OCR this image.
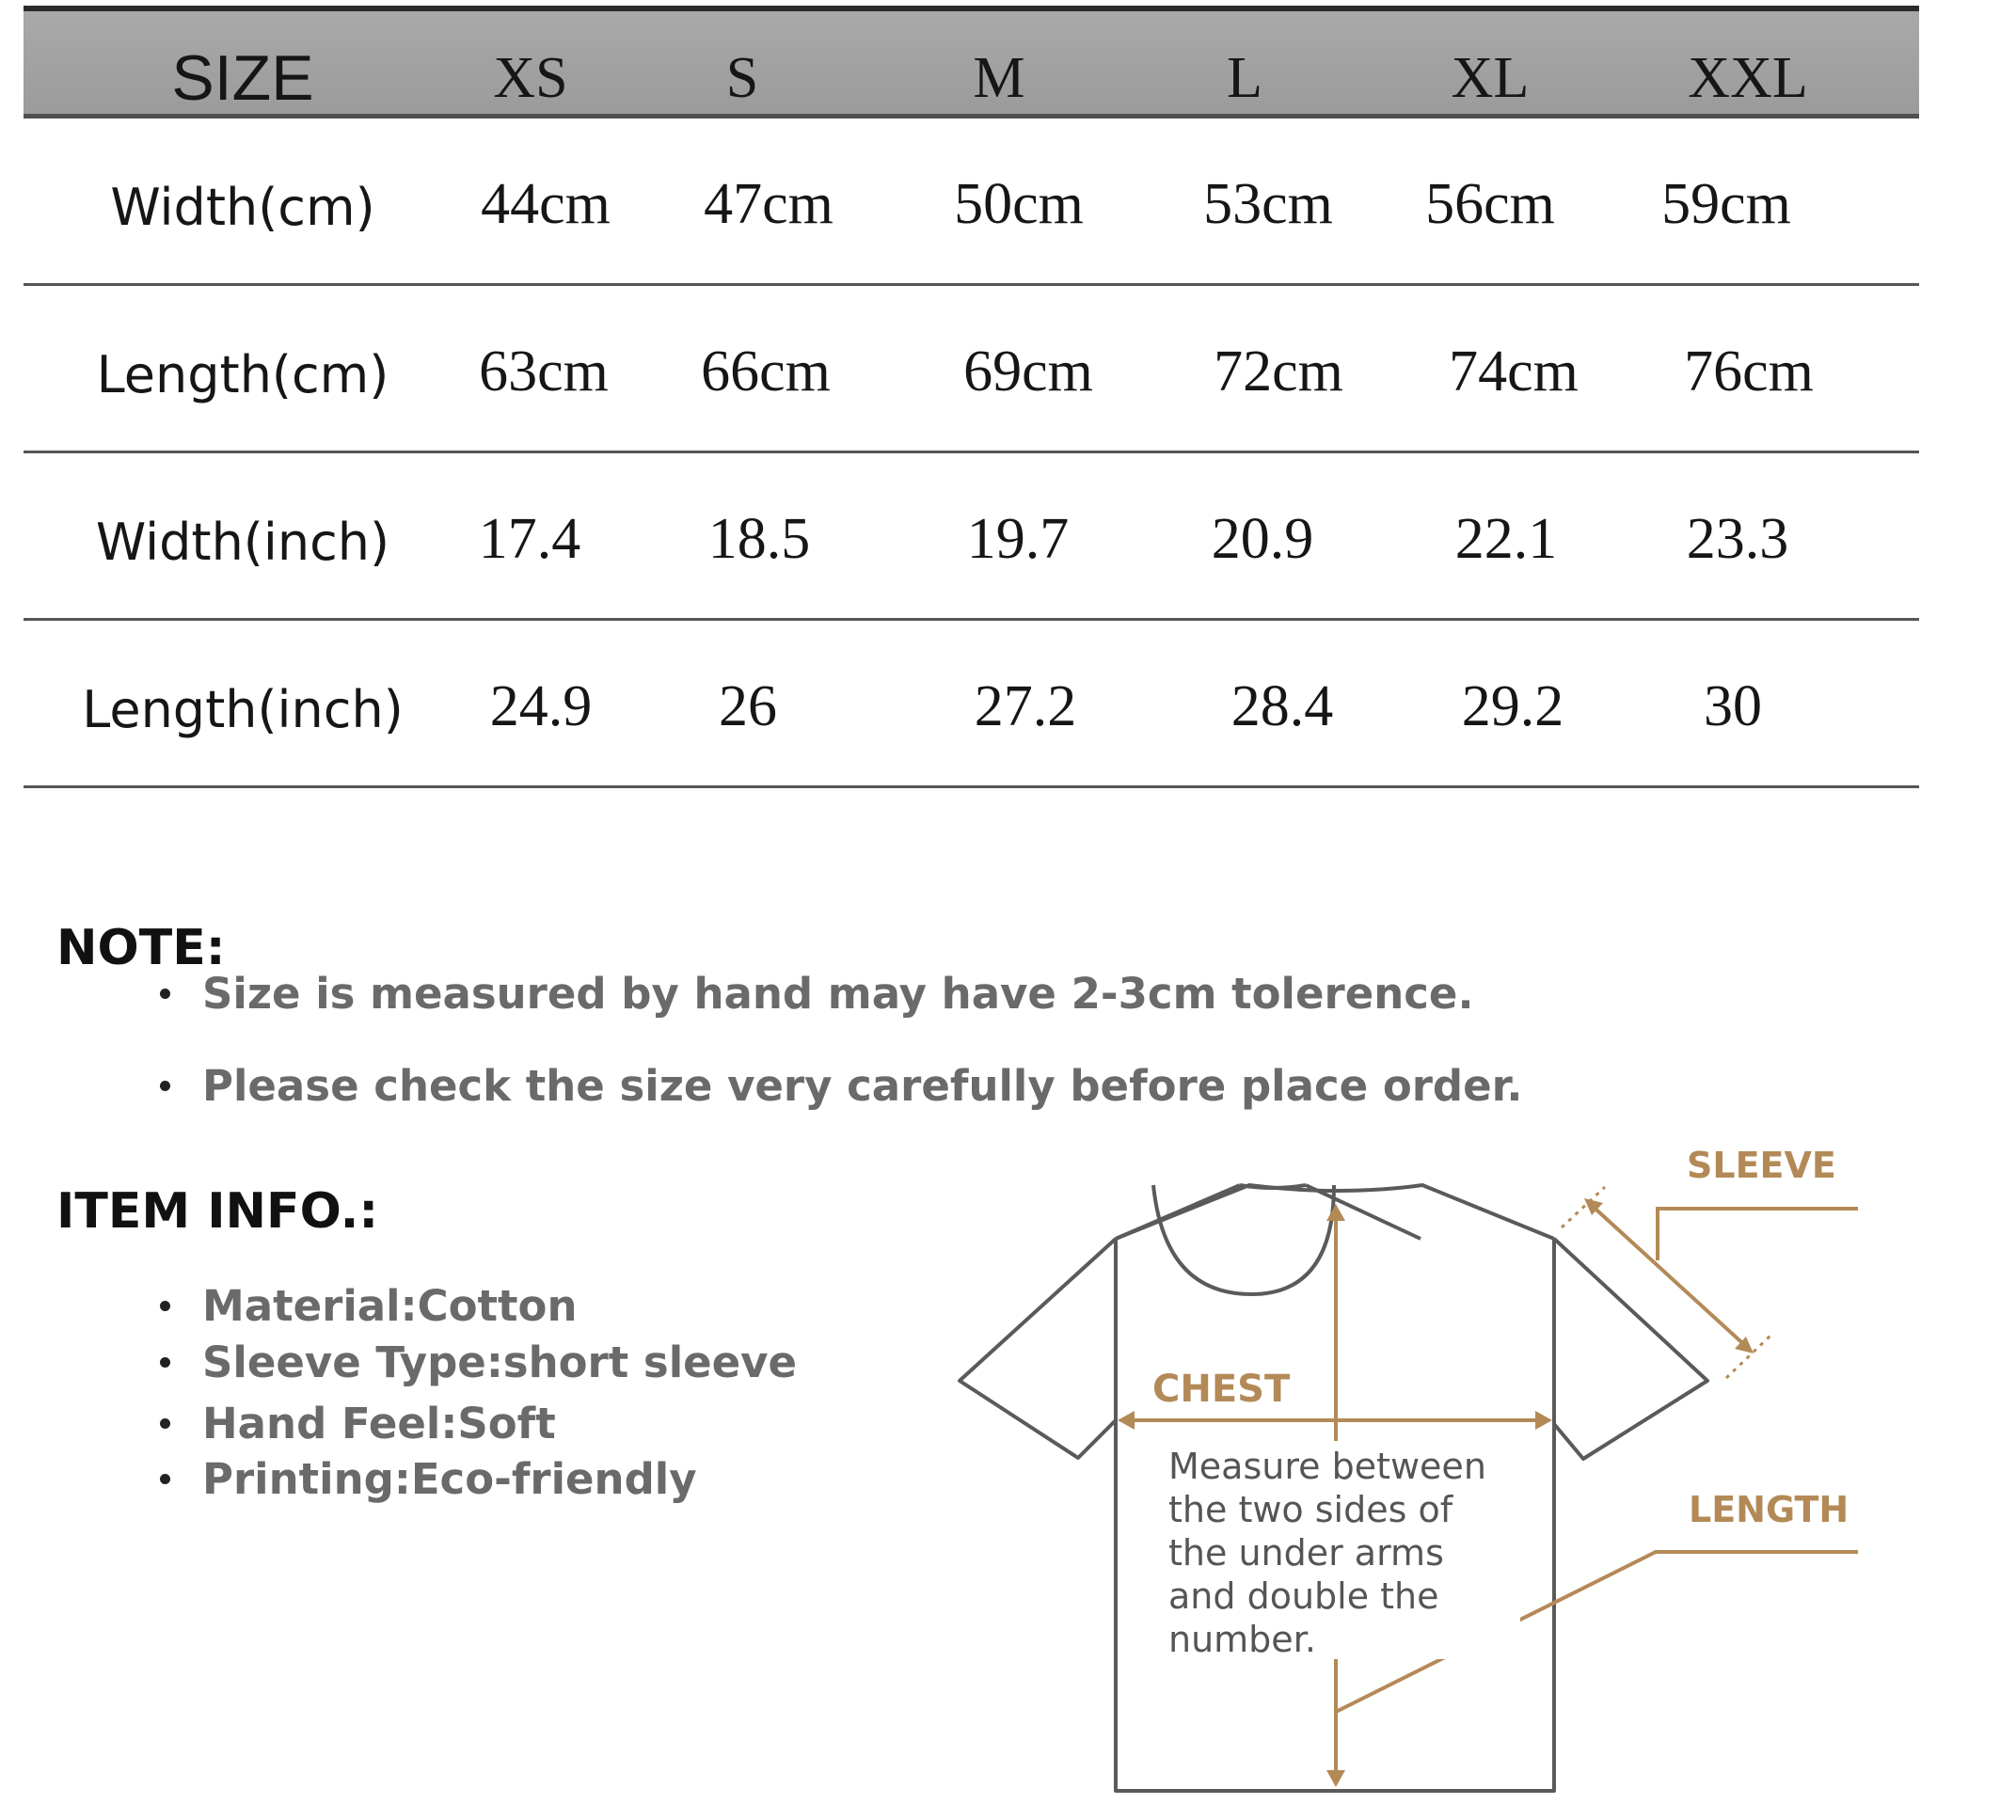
SIZE	XS	S	M	L	XL	XXL
Width(cm) 44cm 47cm 50cm 53cm 56cm 59cm
Length(cm) 63cm 66cm 69cm 72cm 74cm 76cm
Width(inch) 17.4 18.5	19.7 20.9 22.1 23.3
Length(inch) 24.9 26	27.2	28.4 29.2 30
NOTE:
Size is measured by hand may have 2-3cm tolerence.
Please check the size very carefully before place order.
ITEM INFO.:
Material:Cotton
Sleeve Type:short sleeve
Hand Feel:Soft
Printing:Eco-friendly
SLEEVE
CHEST
LENGTH
Measure between
the two sides of
the under arms
and double the
number.
